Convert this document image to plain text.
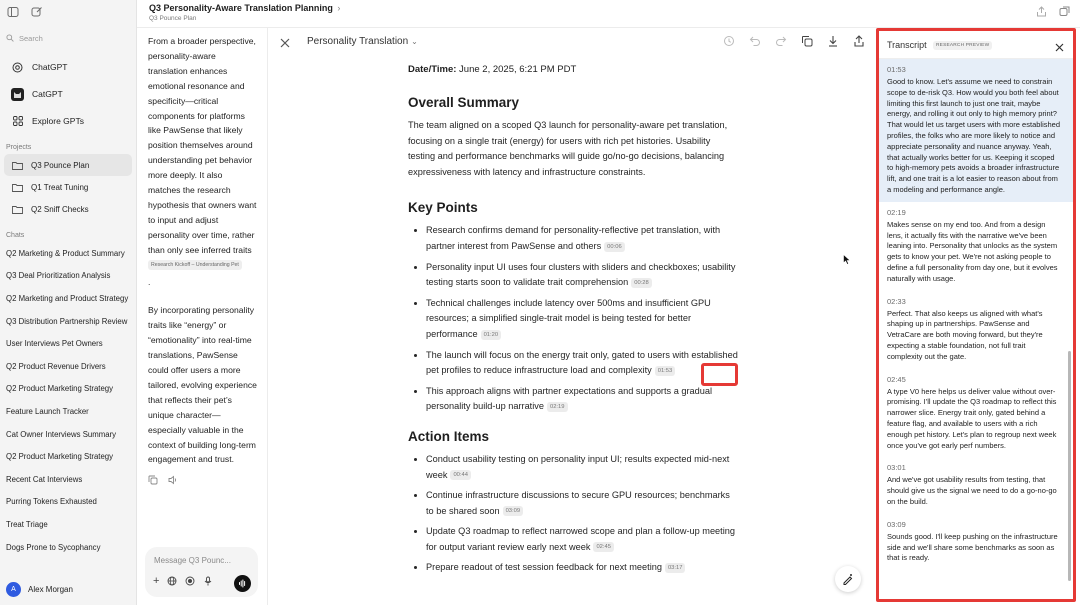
Search
ChatGPT
CatGPT
Explore GPTs
Projects
Q3 Pounce Plan
Q1 Treat Tuning
Q2 Sniff Checks
Chats
Q2 Marketing & Product Summary
Q3 Deal Prioritization Analysis
Q2 Marketing and Product Strategy
Q3 Distribution Partnership Review
User Interviews Pet Owners
Q2 Product Revenue Drivers
Q2 Product Marketing Strategy
Feature Launch Tracker
Cat Owner Interviews Summary
Q2 Product Marketing Strategy
Recent Cat Interviews
Purring Tokens Exhausted
Treat Triage
Dogs Prone to Sycophancy
A	Alex Morgan
Q3 Personality-Aware Translation Planning ›
Q3 Pounce Plan

From a broader perspective, personality-aware translation enhances emotional resonance and specificity—critical components for platforms like PawSense that likely position themselves around understanding pet behavior more deeply. It also matches the research hypothesis that owners want to input and adjust personality over time, rather than only see inferred traits Research Kickoff – Understanding Pet

.

By incorporating personality traits like “energy” or “emotionality” into real-time translations, PawSense could offer users a more tailored, evolving experience that reflects their pet’s unique character—especially valuable in the context of building long-term engagement and trust.

Message Q3 Pounc...
+
Personality Translation ⌄
Date/Time: June 2, 2025, 6:21 PM PDT
Overall Summary
The team aligned on a scoped Q3 launch for personality-aware pet translation, focusing on a single trait (energy) for users with rich pet histories. Usability testing and performance benchmarks will guide go/no-go decisions, balancing expressiveness with latency and infrastructure constraints.
Key Points
• Research confirms demand for personality-reflective pet translation, with partner interest from PawSense and others 00:06
• Personality input UI uses four clusters with sliders and checkboxes; usability testing starts soon to validate trait comprehension 00:28
• Technical challenges include latency over 500ms and insufficient GPU resources; a simplified single-trait model is being tested for better performance 01:20
• The launch will focus on the energy trait only, gated to users with established pet profiles to reduce infrastructure load and complexity 01:53
• This approach aligns with partner expectations and supports a gradual personality build-up narrative 02:19
Action Items
• Conduct usability testing on personality input UI; results expected mid-next week 00:44
• Continue infrastructure discussions to secure GPU resources; benchmarks to be shared soon 03:09
• Update Q3 roadmap to reflect narrowed scope and plan a follow-up meeting for output variant review early next week 02:45
• Prepare readout of test session feedback for next meeting 03:17
Transcript	RESEARCH PREVIEW
01:53
Good to know. Let's assume we need to constrain scope to de-risk Q3. How would you both feel about limiting this first launch to just one trait, maybe energy, and rolling it out only to high memory print? That would let us target users with more established profiles, the folks who are more likely to notice and appreciate personality and nuance anyway. Yeah, that actually works better for us. Keeping it scoped to high-memory pets avoids a broader infrastructure lift, and one trait is a lot easier to reason about from a modeling and performance angle.
02:19
Makes sense on my end too. And from a design lens, it actually fits with the narrative we've been leaning into. Personality that unlocks as the system gets to know your pet. We're not asking people to define a full personality from day one, but it evolves naturally with usage.
02:33
Perfect. That also keeps us aligned with what's shaping up in partnerships. PawSense and VetraCare are both moving forward, but they're expecting a stable foundation, not full trait complexity out the gate.
02:45
A type V0 here helps us deliver value without over-promising. I'll update the Q3 roadmap to reflect this narrower slice. Energy trait only, gated behind a feature flag, and available to users with a rich enough pet history. Let's plan to regroup next week once you've got early perf numbers.
03:01
And we've got usability results from testing, that should give us the signal we need to do a go-no-go on the build.
03:09
Sounds good. I'll keep pushing on the infrastructure side and we'll share some benchmarks as soon as that is ready.
